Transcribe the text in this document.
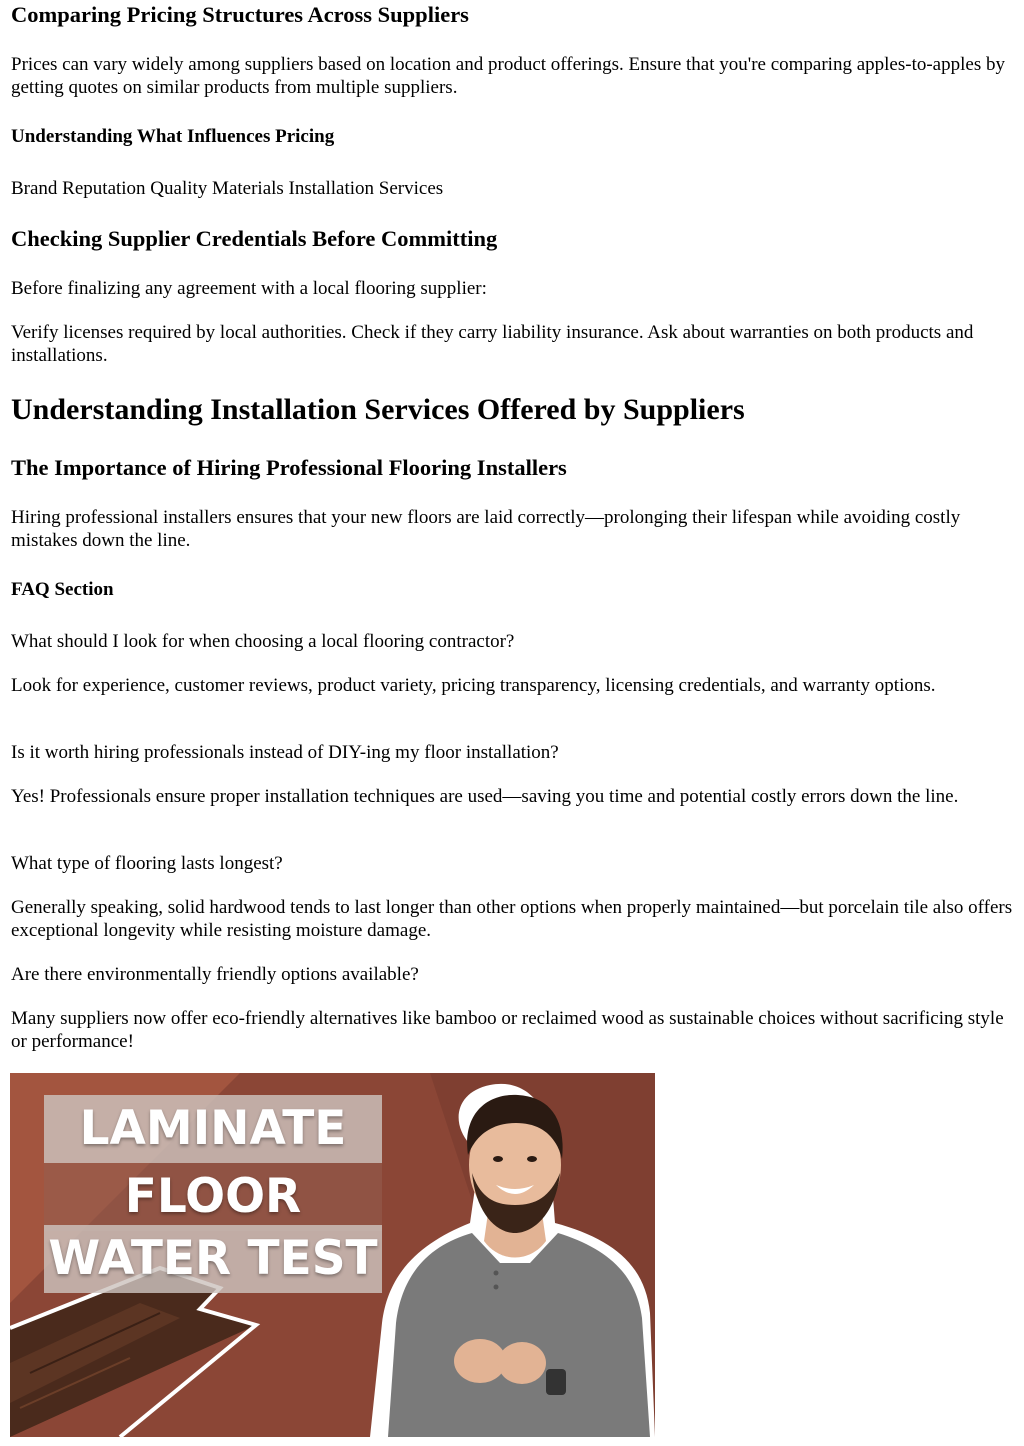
Comparing Pricing Structures Across Suppliers

Prices can vary widely among suppliers based on location and product offerings. Ensure that you're comparing apples-to-apples by getting quotes on similar products from multiple suppliers.

Understanding What Influences Pricing

Brand Reputation Quality Materials Installation Services

Checking Supplier Credentials Before Committing

Before finalizing any agreement with a local flooring supplier:

Verify licenses required by local authorities. Check if they carry liability insurance. Ask about warranties on both products and installations.

Understanding Installation Services Offered by Suppliers
The Importance of Hiring Professional Flooring Installers

Hiring professional installers ensures that your new floors are laid correctly—prolonging their lifespan while avoiding costly mistakes down the line.

FAQ Section

What should I look for when choosing a local flooring contractor?

Look for experience, customer reviews, product variety, pricing transparency, licensing credentials, and warranty options.

Is it worth hiring professionals instead of DIY-ing my floor installation?

Yes! Professionals ensure proper installation techniques are used—saving you time and potential costly errors down the line.

What type of flooring lasts longest?

Generally speaking, solid hardwood tends to last longer than other options when properly maintained—but porcelain tile also offers exceptional longevity while resisting moisture damage.

Are there environmentally friendly options available?

Many suppliers now offer eco-friendly alternatives like bamboo or reclaimed wood as sustainable choices without sacrificing style or performance!

LAMINATE
FLOOR
WATER TEST
